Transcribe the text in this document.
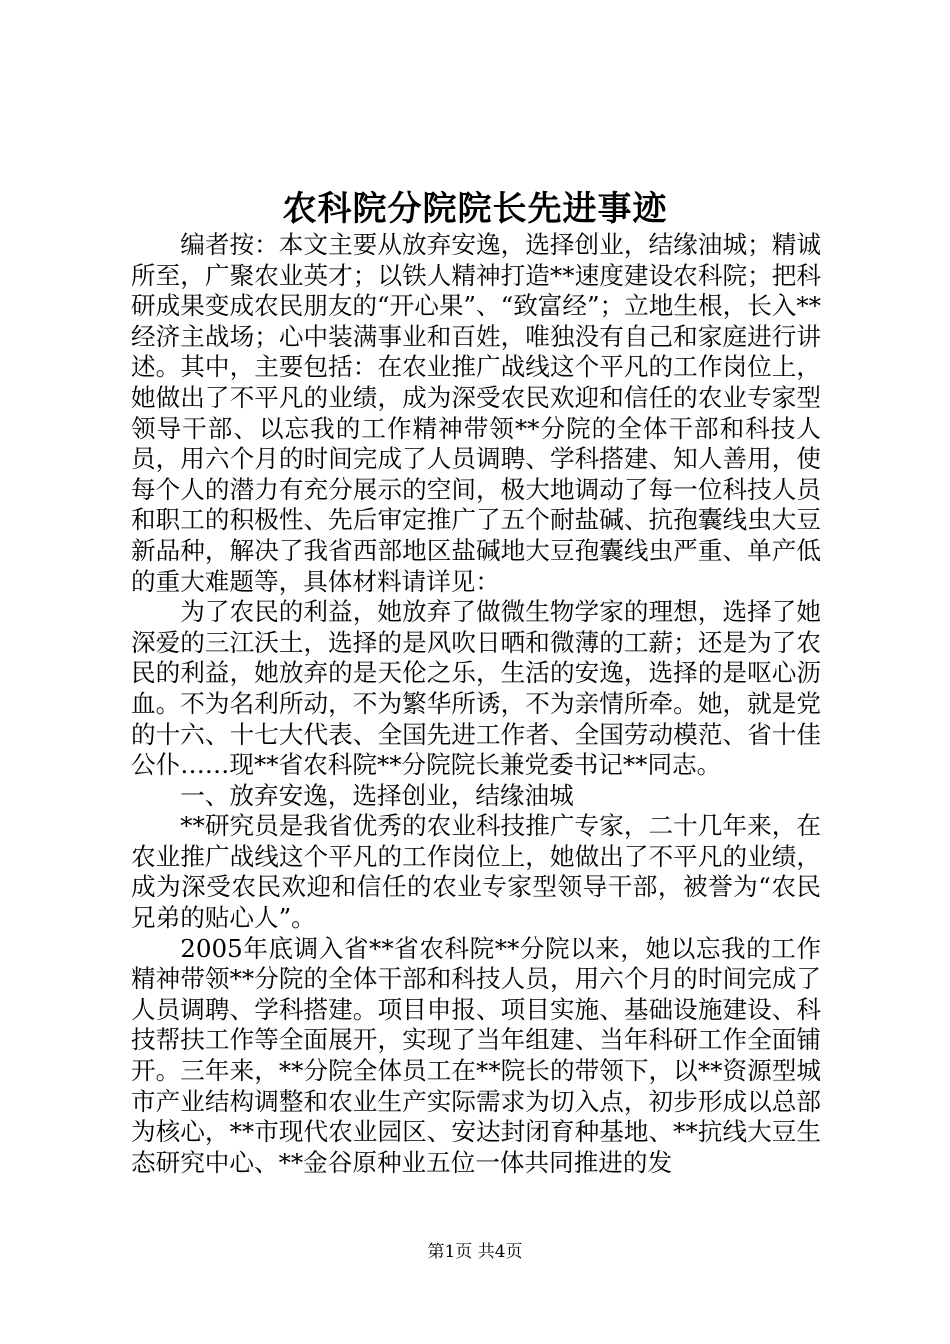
农科院分院院长先进事迹

编者按：本文主要从放弃安逸，选择创业，结缘油城；精诚所至，广聚农业英才；以铁人精神打造**速度建设农科院；把科研成果变成农民朋友的“开心果”、“致富经”；立地生根，长入**经济主战场；心中装满事业和百姓，唯独没有自己和家庭进行讲述。其中，主要包括：在农业推广战线这个平凡的工作岗位上，她做出了不平凡的业绩，成为深受农民欢迎和信任的农业专家型领导干部、以忘我的工作精神带领**分院的全体干部和科技人员，用六个月的时间完成了人员调聘、学科搭建、知人善用，使每个人的潜力有充分展示的空间，极大地调动了每一位科技人员和职工的积极性、先后审定推广了五个耐盐碱、抗孢囊线虫大豆新品种，解决了我省西部地区盐碱地大豆孢囊线虫严重、单产低的重大难题等，具体材料请详见：

为了农民的利益，她放弃了做微生物学家的理想，选择了她深爱的三江沃土，选择的是风吹日晒和微薄的工薪；还是为了农民的利益，她放弃的是天伦之乐，生活的安逸，选择的是呕心沥血。不为名利所动，不为繁华所诱，不为亲情所牵。她，就是党的十六、十七大代表、全国先进工作者、全国劳动模范、省十佳公仆……现**省农科院**分院院长兼党委书记**同志。

一、放弃安逸，选择创业，结缘油城

**研究员是我省优秀的农业科技推广专家，二十几年来，在农业推广战线这个平凡的工作岗位上，她做出了不平凡的业绩，成为深受农民欢迎和信任的农业专家型领导干部，被誉为“农民兄弟的贴心人”。

2005年底调入省**省农科院**分院以来，她以忘我的工作精神带领**分院的全体干部和科技人员，用六个月的时间完成了人员调聘、学科搭建。项目申报、项目实施、基础设施建设、科技帮扶工作等全面展开，实现了当年组建、当年科研工作全面铺开。三年来，**分院全体员工在**院长的带领下，以**资源型城市产业结构调整和农业生产实际需求为切入点，初步形成以总部为核心，**市现代农业园区、安达封闭育种基地、**抗线大豆生态研究中心、**金谷原种业五位一体共同推进的发

第1页 共4页
